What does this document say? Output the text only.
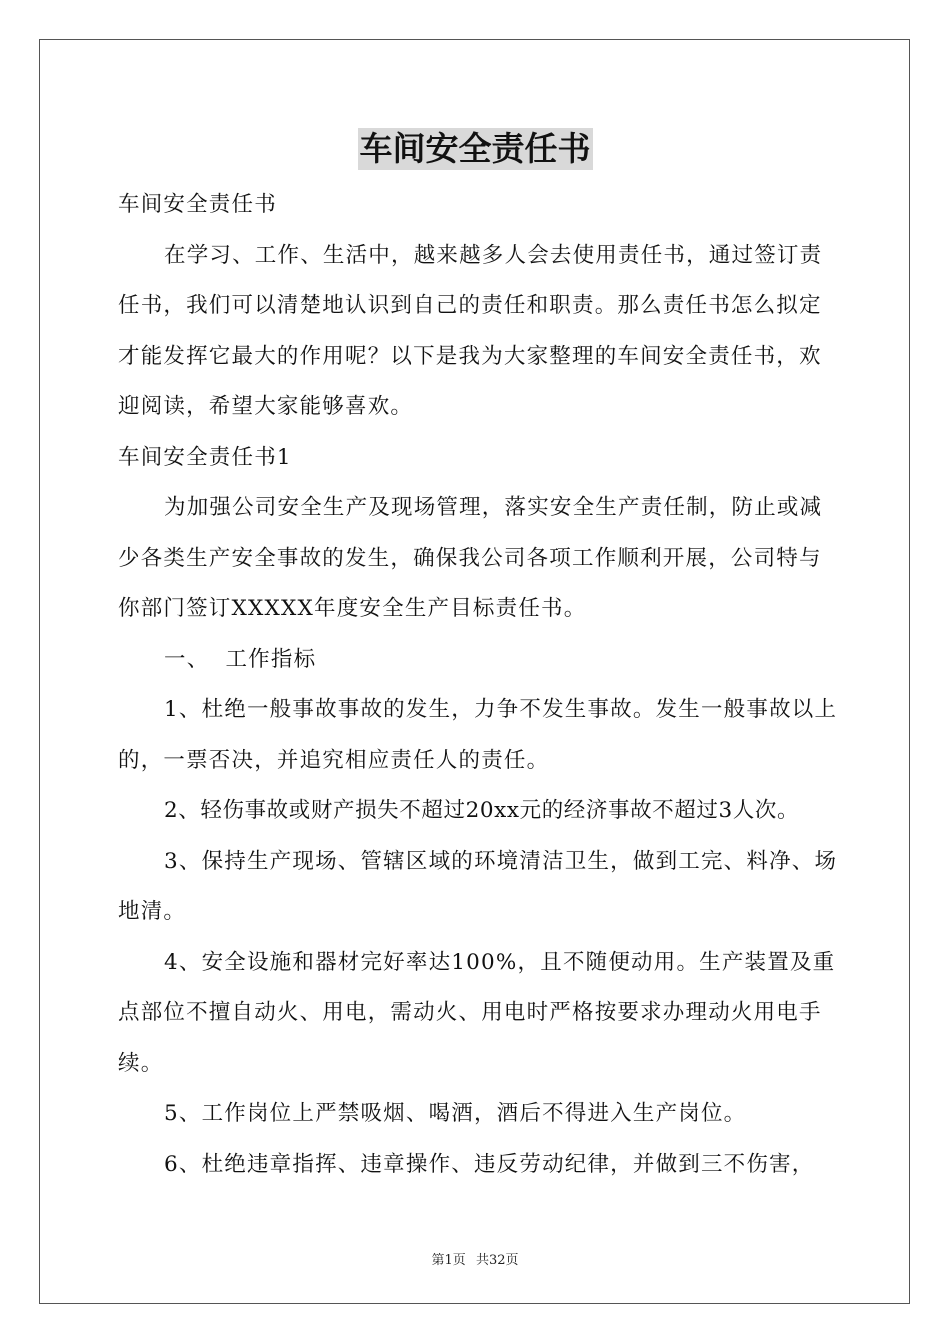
车间安全责任书

车间安全责任书

在学习、工作、生活中，越来越多人会去使用责任书，通过签订责任书，我们可以清楚地认识到自己的责任和职责。那么责任书怎么拟定才能发挥它最大的作用呢？以下是我为大家整理的车间安全责任书，欢迎阅读，希望大家能够喜欢。

车间安全责任书1

为加强公司安全生产及现场管理，落实安全生产责任制，防止或减少各类生产安全事故的发生，确保我公司各项工作顺利开展，公司特与你部门签订XXXXX年度安全生产目标责任书。

一、  工作指标

1、杜绝一般事故事故的发生，力争不发生事故。发生一般事故以上的，一票否决，并追究相应责任人的责任。

2、轻伤事故或财产损失不超过20xx元的经济事故不超过3人次。

3、保持生产现场、管辖区域的环境清洁卫生，做到工完、料净、场地清。

4、安全设施和器材完好率达100%，且不随便动用。生产装置及重点部位不擅自动火、用电，需动火、用电时严格按要求办理动火用电手续。

5、工作岗位上严禁吸烟、喝酒，酒后不得进入生产岗位。

6、杜绝违章指挥、违章操作、违反劳动纪律，并做到三不伤害，

第1页 共32页
